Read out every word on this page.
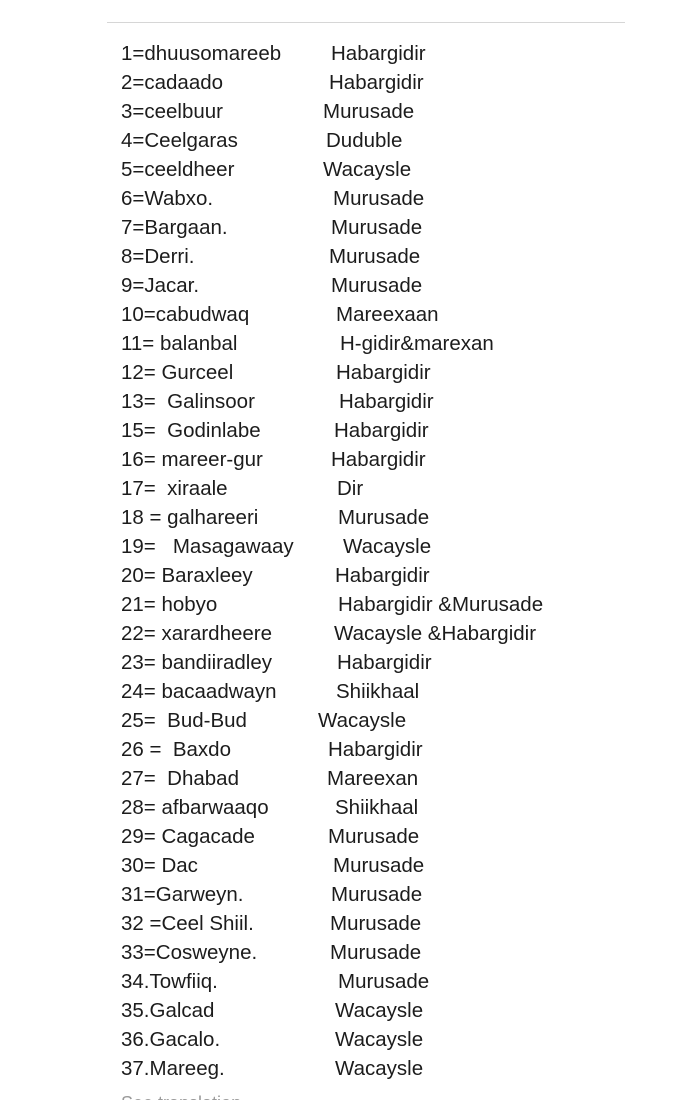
1=dhuusomareeb Habargidir
2=cadaado	Habargidir
3=ceelbuur	Murusade
4=Ceelgaras	Duduble
5=ceeldheer	Wacaysle
6=Wabxo.	Murusade
7=Bargaan.	Murusade
8=Derri.	Murusade
9=Jacar.	Murusade
10=cabudwaq	Mareexaan
11= balanbal	H-gidir&marexan
12= Gurceel	Habargidir
13=  Galinsoor	Habargidir
15=  Godinlabe	Habargidir
16= mareer-gur	Habargidir
17=  xiraale	Dir
18 = galhareeri	Murusade
19=   Masagawaay Wacaysle
20= Baraxleey	Habargidir
21= hobyo	Habargidir &Murusade
22= xarardheere	Wacaysle &Habargidir
23= bandiiradley	Habargidir
24= bacaadwayn	Shiikhaal
25=  Bud-Bud	Wacaysle
26 =  Baxdo	Habargidir
27=  Dhabad	Mareexan
28= afbarwaaqo	Shiikhaal
29= Cagacade	Murusade
30= Dac	Murusade
31=Garweyn.	Murusade
32 =Ceel Shiil.	Murusade
33=Cosweyne.	Murusade
34.Towfiiq.	Murusade
35.Galcad	Wacaysle
36.Gacalo.	Wacaysle
37.Mareeg.	Wacaysle
